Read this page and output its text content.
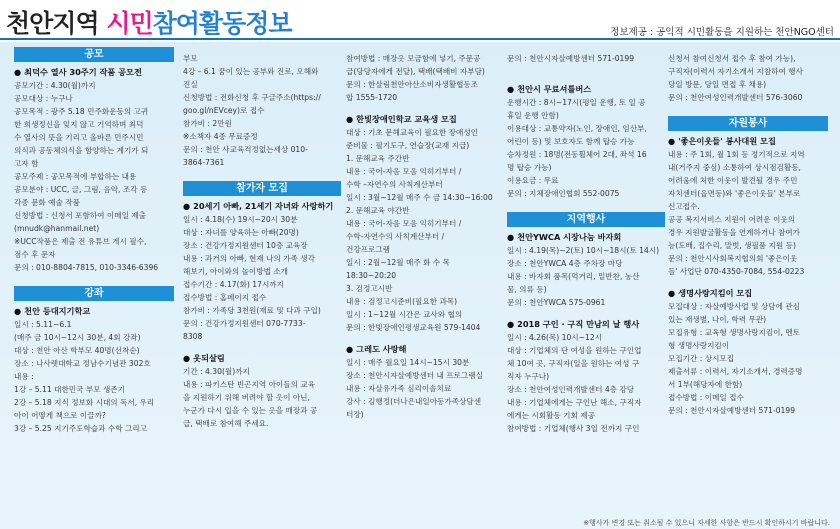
천안지역 시민참여활동정보	정보제공 : 공익적 시민활동을 지원하는 천안NGO센터
공모
● 최덕수 열사 30주기 작품 공모전
공모기간 : 4.30(월)까지
공모대상 : 누구나
공모목적 : 광주 5.18 민주화운동의 고귀
한 희생정신을 잊지 않고 기억하며 최덕
수 열사의 뜻을 기리고 올바른 민주시민
의식과 공동체의식을 함양하는 계기가 되
고자 함
공모주제 : 공모목적에 부합하는 내용
공모분야 : UCC, 글, 그림, 음악, 조각 등
각종 문화 예술 작품
신청방법 : 신청서 포함하여 이메일 제출
(mnudk@hanmail.net)
※UCC작품은 제출 전 유튜브 게시 필수,
점수 후 문자
문의 : 010-8804-7815, 010-3346-6396
강좌
● 천안 등대지기학교
일시 : 5.11~6.1
(매주 금 10시~12시 30분, 4회 강좌)
대상 : 천안 아산 학부모 40명(선착순)
장소 : 나사렛대학교 정남수기념관 302호
내용 :
1강 – 5.11 대한민국 부모 생존기
2강 – 5.18 지식 정보화 시대의 독서, 우리
아이 어떻게 책으로 이끌까?
3강 – 5.25 지기주도학습과 수학 그리고
부모
4강 – 6.1 꿈이 있는 공부와 진로, 오해와
진실
신청방법 : 전화신청 후 구글주소(https://
goo.gl/nEVcey)로 접수
참가비 : 2만원
※소책자 4종 무료증정
문의 : 천안 사교육걱정없는세상 010-
3864-7361
참가자 모집
● 20세기 아빠, 21세기 자녀와 사랑하기
일시 : 4.18(수) 19시~20시 30분
대상 : 자녀를 양육하는 아빠(20명)
장소 : 건강가정지원센터 10층 교육장
내용 : 과거의 아빠, 현재 나의 가족 생각
해보기, 아이와의 놀이방법 소개
접수기간 : 4.17(화) 17시까지
접수방법 : 홈페이지 접수
참가비 : 가족당 3천원(재료 및 다과 구입)
문의 : 건강가정지원센터 070-7733-
8308
● 옷되살림
기간 : 4.30(월)까지
내용 : 파키스탄 빈곤지역 아이들의 교육
을 지원하기 위해 버려야 할 옷이 아닌,
누군가 다시 입을 수 있는 옷을 매장과 공
급, 택배로 참여해 주세요.
참여방법 : 매장옷 모금함에 넣기, 주문공
급(당당자에게 전달), 택배(택배비 자부담)
문의 : 한살림천안아산소비자생활협동조
합 1555-1720
● 한빛장애인학교 교육생 모집
대상 : 기초 문해교육이 필요한 장애성인
준비물 : 필기도구, 연습장(교재 지급)
1. 문해교육 주간반
내용 : 국어-자음 모음 익히기부터 /
수학 –자연수의 사칙계산부터
일시 : 3월~12월 매주 수 금 14:30~16:00
2. 문해교육 야간반
내용 : 국어-자음 모음 익히기부터 /
수학-자연수의 사칙계산부터 /
건강프로그램
일시 : 2월~12월 매주 화 수 목
18:30~20:20
3. 검정고시반
내용 : 검정고시준비(필요한 과목)
일시 : 1~12월 시간은 교사와 협의
문의 : 한빛장애인평생교육원 579-1404
● 그레도 사랑해
일시 : 매주 월요일 14시~15시 30분
장소 : 천안시자살예방센터 내 프로그램실
내용 : 자살유가족 심리이솔치료
강사 : 김행정(더나은내일아동가족상담센
터장)
문의 : 천안시자살예방센터 571-0199
● 천안시 무료셔틀버스
운행시간 : 8시~17시(평일 운행, 토 일 공
휴일 운행 안함)
이용대상 : 교통약자(노인, 장애인, 임산부,
어린이 등) 및 보호자도 함께 탑승 가능
승차정원 : 18명(전동휠체어 2대, 좌석 16
명 탑승 가능)
이용요금 : 무료
문의 : 지체장애인협회 552-0075
지역행사
● 천안YWCA 시장나눔 바자회
일시 : 4.19(목)~2(토) 10시~18시(토 14시)
장소 : 천안YWCA 4층 주차장 마당
내용 : 바자회 품목(먹거리, 밑반찬, 농산
물, 의류 등)
문의 : 천안YWCA 575-0961
● 2018 구인 · 구직 만남의 날 행사
일시 : 4.26(목) 10시~12시
대상 : 기업체의 단 여성을 원하는 구인업
체 10여 곳, 구직자(일을 원하는 여성 구
직자 누구나)
장소 : 천안여성인력개발센터 4층 강당
내용 : 기업체에게는 구인난 해소, 구직자
에게는 시회활동 기회 제공
참여방법 : 기업체(행사 3일 전까지 구인
신청서 참여신청서 접수 후 참여 가능),
구직자(이력서 자기소개서 지참하여 행사
당일 방문, 당일 면접 후 채용)
문의 : 천안여성인력개발센터 576-3060
자원봉사
● '좋은이웃들' 봉사대원 모집
내용 : 주 1회, 월 1회 등 정기적으로 지역
내(거주지 중심) 소통하여 상시점검활동,
어려움에 처한 이웃이 발견될 경우 주민
자치센터(읍면동)와 '좋은이웃들' 본부로
신고접수.
공공 복지서비스 지원이 어려운 이웃의
경우 지원발굴활동을 연계하거나 참여가
능(도배, 집수리, 말벗, 생필품 지원 등)
문의 : 천안시사회복지협의회 '좋은이웃
들' 사업단 070-4350-7084, 554-0223
● 생명사랑지킴이 모집
모집대상 : 자살예방사업 및 상담에 관심
있는 재생별, 나이, 학력 무관)
모집유형 : 교육형 생명사랑지킴이, 멘토
형 생명사랑지킴이
모집기간 : 상시모집
제출서류 : 이력서, 자기소개서, 경력증명
서 1부(해당자에 한함)
접수방법 : 이메일 접수
문의 : 천안시자살예방센터 571-0199
※행사가 변경 또는 취소될 수 있으니 자세한 사항은 반드시 확인하시기 바랍니다.
